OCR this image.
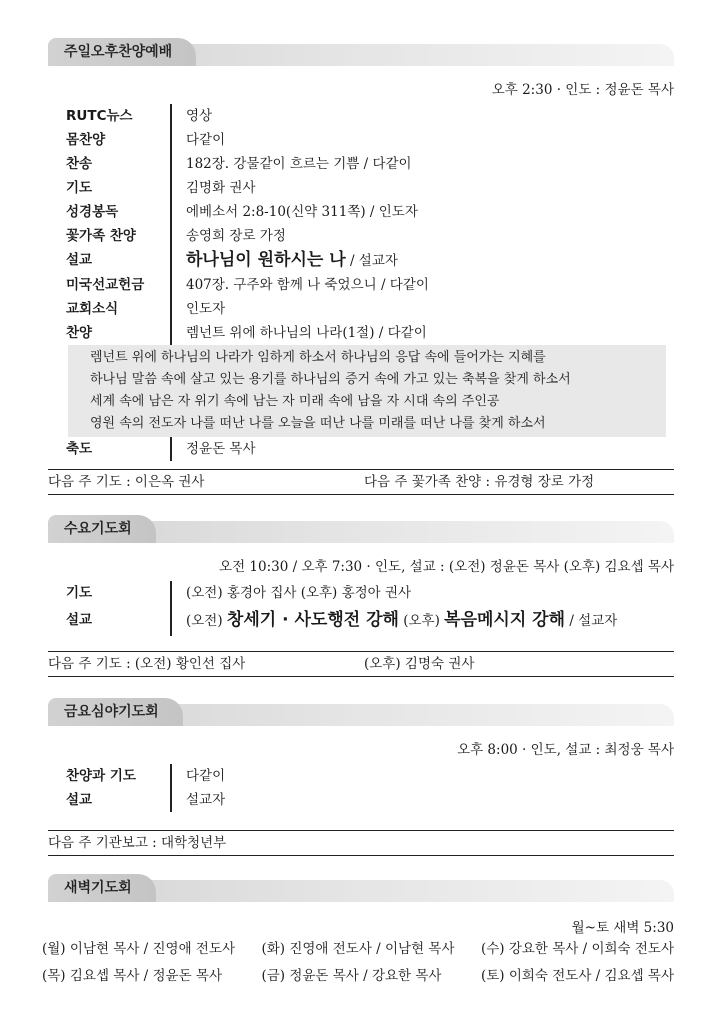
주일오후찬양예배
오후 2:30 · 인도 : 정윤돈 목사
RUTC뉴스	영상
몸찬양	다같이
찬송	182장. 강물같이 흐르는 기쁨 / 다같이
기도	김명화 권사
성경봉독	에베소서 2:8-10(신약 311쪽) / 인도자
꽃가족 찬양	송영희 장로 가정
설교	하나님이 원하시는 나 / 설교자
미국선교헌금	407장. 구주와 함께 나 죽었으니 / 다같이
교회소식	인도자
찬양	렘넌트 위에 하나님의 나라(1절) / 다같이
렘넌트 위에 하나님의 나라가 임하게 하소서 하나님의 응답 속에 들어가는 지혜를
하나님 말씀 속에 살고 있는 용기를 하나님의 증거 속에 가고 있는 축복을 찾게 하소서
세계 속에 남은 자 위기 속에 남는 자 미래 속에 남을 자 시대 속의 주인공
영원 속의 전도자 나를 떠난 나를 오늘을 떠난 나를 미래를 떠난 나를 찾게 하소서
축도	정윤돈 목사
다음 주 기도 : 이은옥 권사	다음 주 꽃가족 찬양 : 유경형 장로 가정
수요기도회
오전 10:30 / 오후 7:30 · 인도, 설교 : (오전) 정윤돈 목사 (오후) 김요셉 목사
기도	(오전) 홍경아 집사 (오후) 홍정아 권사
설교	(오전) 창세기 · 사도행전 강해 (오후) 복음메시지 강해 / 설교자
다음 주 기도 : (오전) 황인선 집사	(오후) 김명숙 권사
금요심야기도회
오후 8:00 · 인도, 설교 : 최정웅 목사
찬양과 기도	다같이
설교	설교자
다음 주 기관보고 : 대학청년부
새벽기도회
월~토 새벽 5:30
(월) 이남현 목사 / 진영애 전도사 (화) 진영애 전도사 / 이남현 목사 (수) 강요한 목사 / 이희숙 전도사
(목) 김요셉 목사 / 정윤돈 목사	(금) 정윤돈 목사 / 강요한 목사	(토) 이희숙 전도사 / 김요셉 목사
